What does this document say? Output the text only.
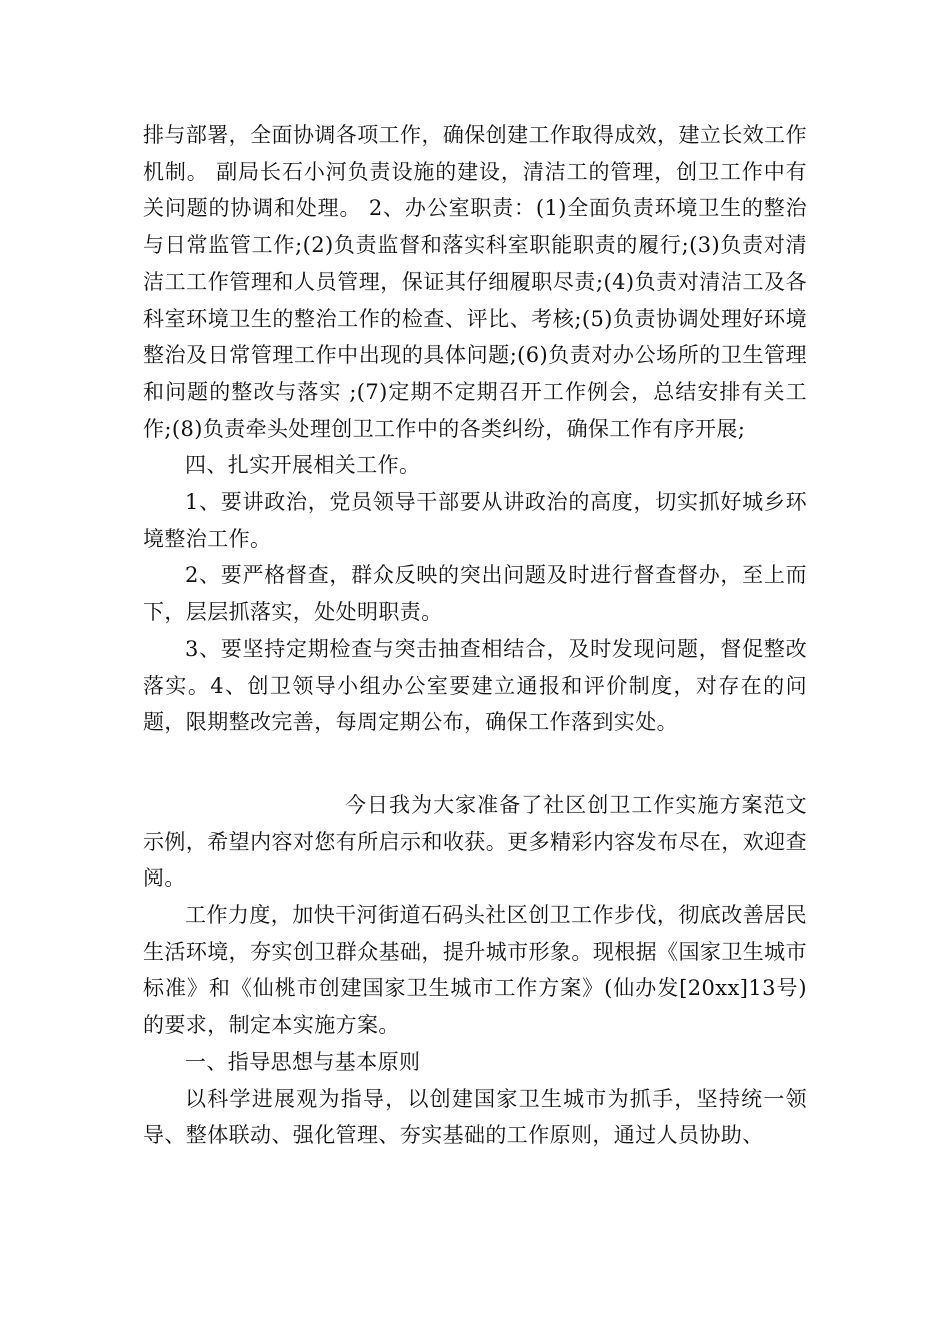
排与部署，全面协调各项工作，确保创建工作取得成效，建立长效工作机制。 副局长石小河负责设施的建设，清洁工的管理，创卫工作中有关问题的协调和处理。 2、办公室职责：(1)全面负责环境卫生的整治与日常监管工作;(2)负责监督和落实科室职能职责的履行;(3)负责对清洁工工作管理和人员管理，保证其仔细履职尽责;(4)负责对清洁工及各科室环境卫生的整治工作的检查、评比、考核;(5)负责协调处理好环境整治及日常管理工作中出现的具体问题;(6)负责对办公场所的卫生管理和问题的整改与落实 ;(7)定期不定期召开工作例会，总结安排有关工作;(8)负责牵头处理创卫工作中的各类纠纷，确保工作有序开展;

四、扎实开展相关工作。

1、要讲政治，党员领导干部要从讲政治的高度，切实抓好城乡环境整治工作。

2、要严格督查，群众反映的突出问题及时进行督查督办，至上而下，层层抓落实，处处明职责。

3、要坚持定期检查与突击抽查相结合，及时发现问题，督促整改落实。4、创卫领导小组办公室要建立通报和评价制度，对存在的问题，限期整改完善，每周定期公布，确保工作落到实处。

今日我为大家准备了社区创卫工作实施方案范文示例，希望内容对您有所启示和收获。更多精彩内容发布尽在，欢迎查阅。

工作力度，加快干河街道石码头社区创卫工作步伐，彻底改善居民生活环境，夯实创卫群众基础，提升城市形象。现根据《国家卫生城市标准》和《仙桃市创建国家卫生城市工作方案》(仙办发[20xx]13号)的要求，制定本实施方案。

一、指导思想与基本原则

以科学进展观为指导，以创建国家卫生城市为抓手，坚持统一领导、整体联动、强化管理、夯实基础的工作原则，通过人员协助、
